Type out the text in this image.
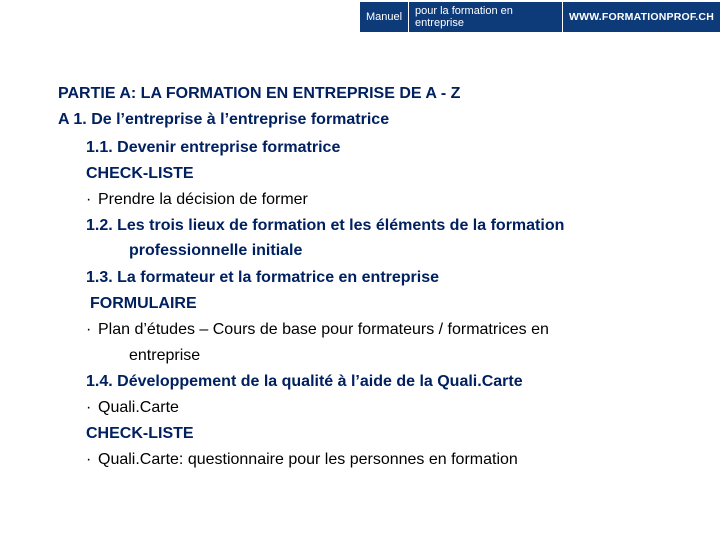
Manuel	pour la formation en entreprise	WWW.FORMATIONPROF.CH
PARTIE A: LA FORMATION EN ENTREPRISE DE A - Z
A 1. De l’entreprise à l’entreprise formatrice
1.1. Devenir entreprise formatrice
CHECK-LISTE
· Prendre la décision de former
1.2. Les trois lieux de formation et les éléments de la formation
professionnelle initiale
1.3. La formateur et la formatrice en entreprise
FORMULAIRE
· Plan d’études – Cours de base pour formateurs / formatrices en
entreprise
1.4. Développement de la qualité à l’aide de la Quali.Carte
· Quali.Carte
CHECK-LISTE
· Quali.Carte: questionnaire pour les personnes en formation
